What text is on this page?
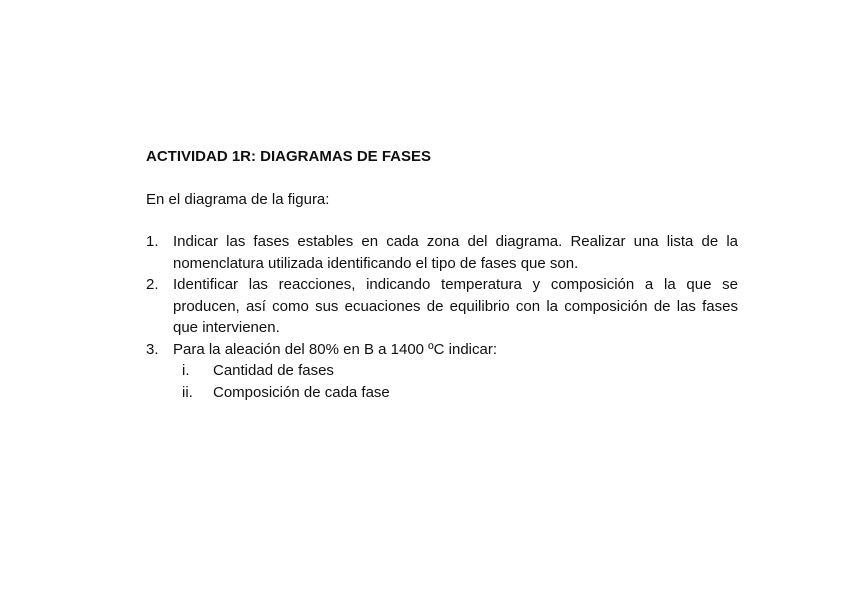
ACTIVIDAD 1R: DIAGRAMAS DE FASES

En el diagrama de la figura:

1. Indicar las fases estables en cada zona del diagrama. Realizar una lista de la nomenclatura utilizada identificando el tipo de fases que son.
2. Identificar las reacciones, indicando temperatura y composición a la que se producen, así como sus ecuaciones de equilibrio con la composición de las fases que intervienen.
3. Para la aleación del 80% en B a 1400 ºC indicar:
i. Cantidad de fases
ii. Composición de cada fase
